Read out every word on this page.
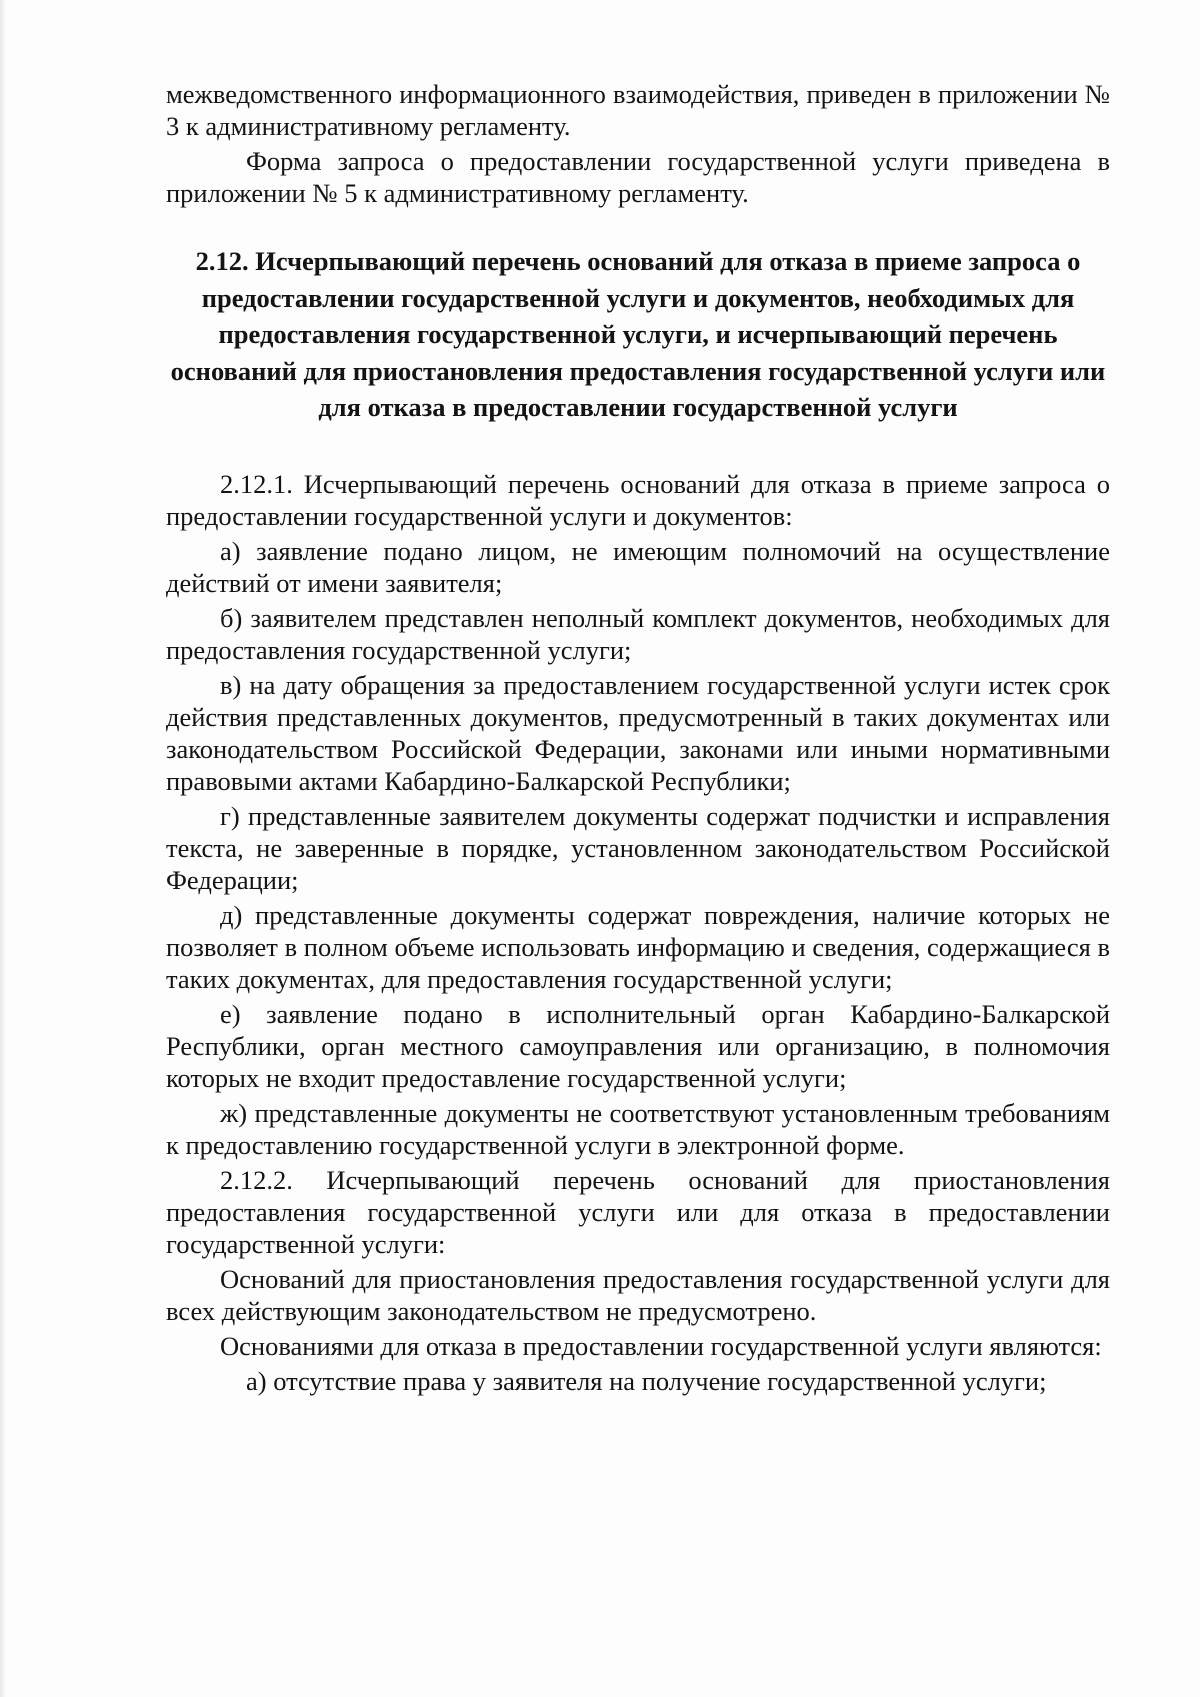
межведомственного информационного взаимодействия, приведен в приложении № 3 к административному регламенту.

Форма запроса о предоставлении государственной услуги приведена в приложении № 5 к административному регламенту.

2.12. Исчерпывающий перечень оснований для отказа в приеме запроса о предоставлении государственной услуги и документов, необходимых для предоставления государственной услуги, и исчерпывающий перечень оснований для приостановления предоставления государственной услуги или для отказа в предоставлении государственной услуги

2.12.1. Исчерпывающий перечень оснований для отказа в приеме запроса о предоставлении государственной услуги и документов:

а) заявление подано лицом, не имеющим полномочий на осуществление действий от имени заявителя;

б) заявителем представлен неполный комплект документов, необходимых для предоставления государственной услуги;

в) на дату обращения за предоставлением государственной услуги истек срок действия представленных документов, предусмотренный в таких документах или законодательством Российской Федерации, законами или иными нормативными правовыми актами Кабардино-Балкарской Республики;

г) представленные заявителем документы содержат подчистки и исправления текста, не заверенные в порядке, установленном законодательством Российской Федерации;

д) представленные документы содержат повреждения, наличие которых не позволяет в полном объеме использовать информацию и сведения, содержащиеся в таких документах, для предоставления государственной услуги;

е) заявление подано в исполнительный орган Кабардино-Балкарской Республики, орган местного самоуправления или организацию, в полномочия которых не входит предоставление государственной услуги;

ж) представленные документы не соответствуют установленным требованиям к предоставлению государственной услуги в электронной форме.

2.12.2. Исчерпывающий перечень оснований для приостановления предоставления государственной услуги или для отказа в предоставлении государственной услуги:

Оснований для приостановления предоставления государственной услуги для всех действующим законодательством не предусмотрено.

Основаниями для отказа в предоставлении государственной услуги являются:

а) отсутствие права у заявителя на получение государственной услуги;
